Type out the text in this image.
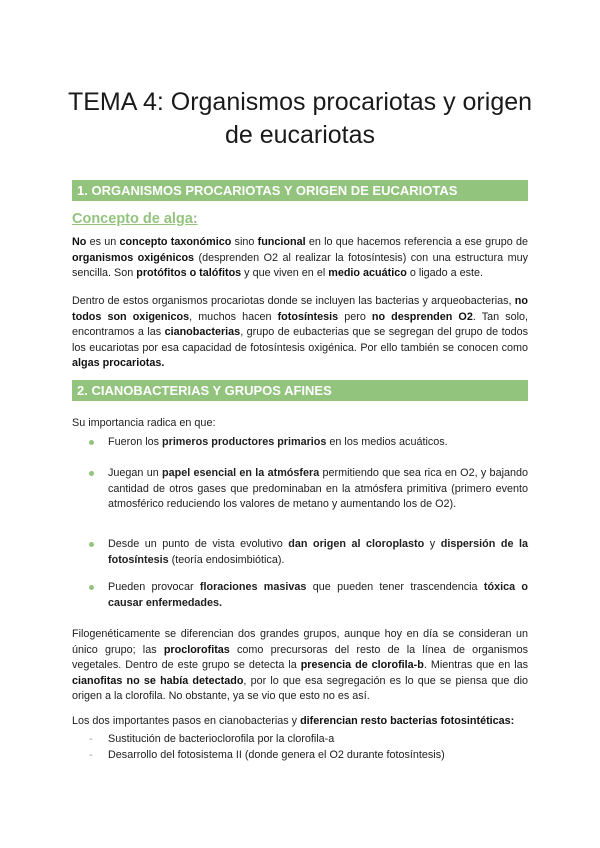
TEMA 4: Organismos procariotas y origen
de eucariotas
1. ORGANISMOS PROCARIOTAS Y ORIGEN DE EUCARIOTAS
Concepto de alga:

No es un concepto taxonómico sino funcional en lo que hacemos referencia a ese grupo de organismos oxigénicos (desprenden O2 al realizar la fotosíntesis) con una estructura muy sencilla. Son protófitos o talófitos y que viven en el medio acuático o ligado a este.

Dentro de estos organismos procariotas donde se incluyen las bacterias y arqueobacterias, no todos son oxigenicos, muchos hacen fotosíntesis pero no desprenden O2. Tan solo, encontramos a las cianobacterias, grupo de eubacterias que se segregan del grupo de todos los eucariotas por esa capacidad de fotosíntesis oxigénica. Por ello también se conocen como algas procariotas.

2. CIANOBACTERIAS Y GRUPOS AFINES

Su importancia radica en que:

Fueron los primeros productores primarios en los medios acuáticos.
Juegan un papel esencial en la atmósfera permitiendo que sea rica en O2, y bajando cantidad de otros gases que predominaban en la atmósfera primitiva (primero evento atmosférico reduciendo los valores de metano y aumentando los de O2).
Desde un punto de vista evolutivo dan origen al cloroplasto y dispersión de la fotosíntesis (teoría endosimbiótica).
Pueden provocar floraciones masivas que pueden tener trascendencia tóxica o causar enfermedades.

Filogenéticamente se diferencian dos grandes grupos, aunque hoy en día se consideran un único grupo; las proclorofitas como precursoras del resto de la línea de organismos vegetales. Dentro de este grupo se detecta la presencia de clorofila-b. Mientras que en las cianofitas no se había detectado, por lo que esa segregación es lo que se piensa que dio origen a la clorofila. No obstante, ya se vio que esto no es así.

Los dos importantes pasos en cianobacterias y diferencian resto bacterias fotosintéticas:

- Sustitución de bacterioclorofila por la clorofila-a
- Desarrollo del fotosistema II (donde genera el O2 durante fotosíntesis)
